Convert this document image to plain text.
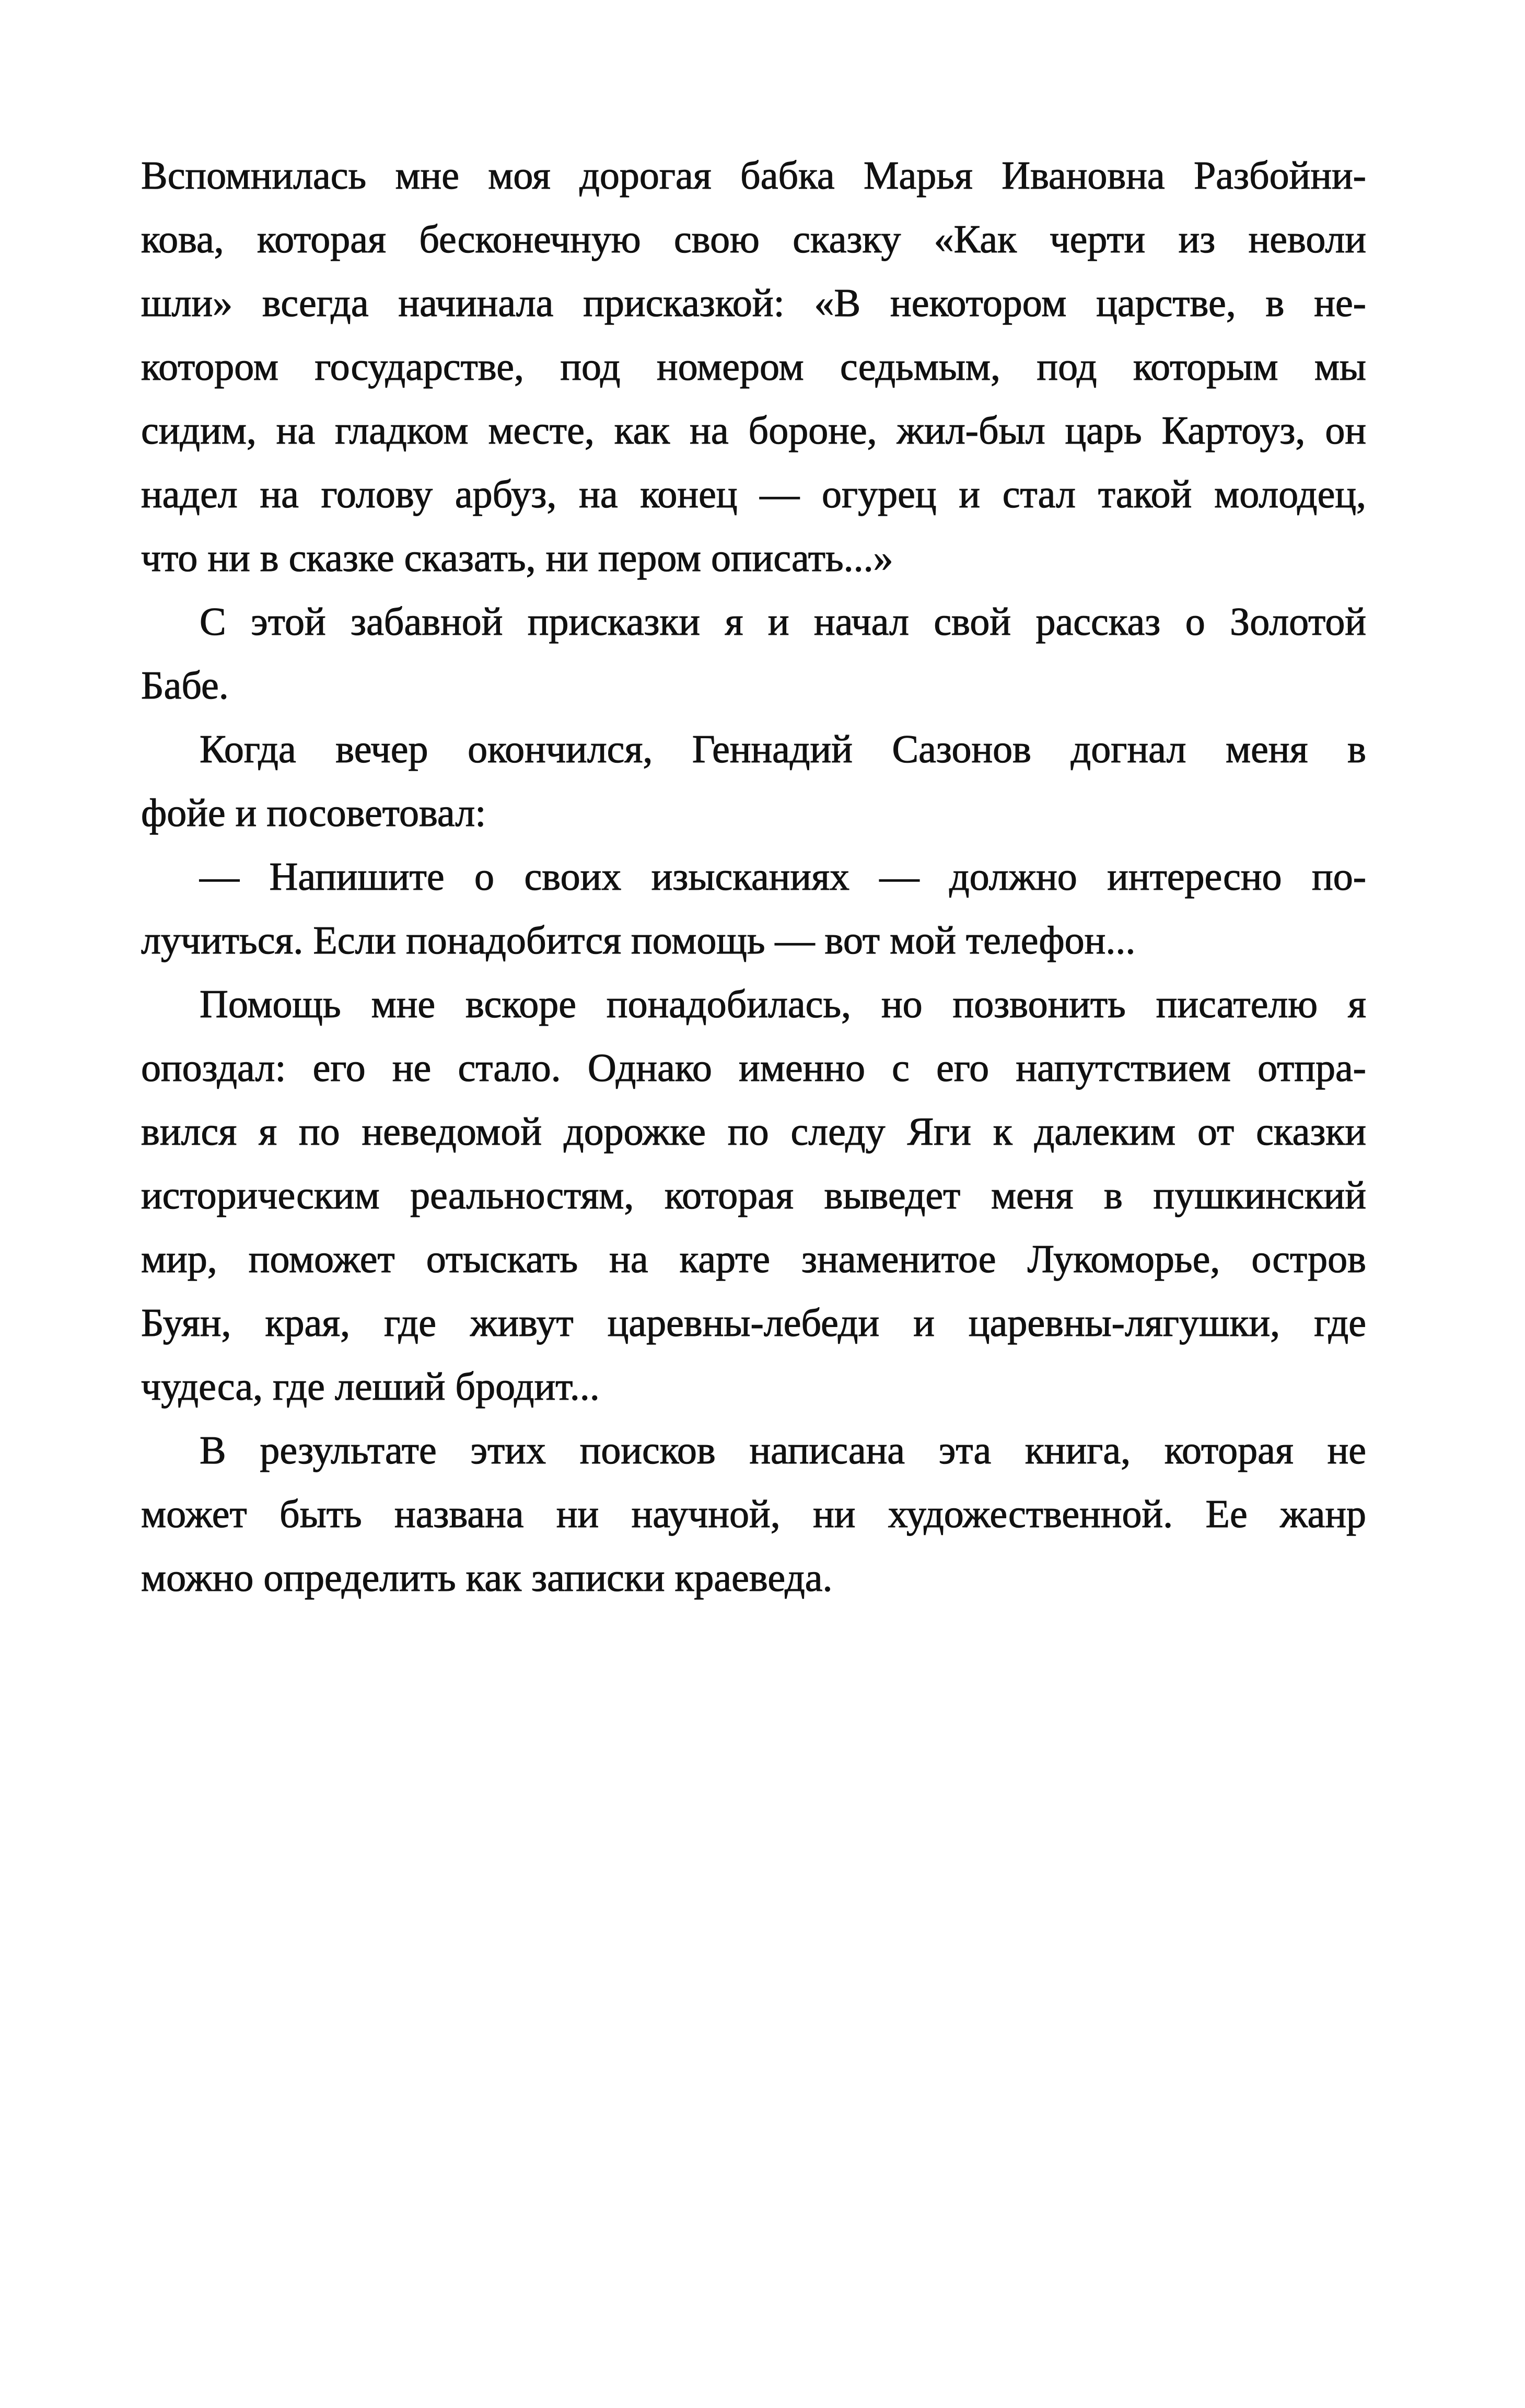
Вспомнилась мне моя дорогая бабка Марья Ивановна Разбойни-
кова, которая бесконечную свою сказку «Как черти из неволи
шли» всегда начинала присказкой: «В некотором царстве, в не-
котором государстве, под номером седьмым, под которым мы
сидим, на гладком месте, как на бороне, жил-был царь Картоуз, он
надел на голову арбуз, на конец — огурец и стал такой молодец,
что ни в сказке сказать, ни пером описать...»

С этой забавной присказки я и начал свой рассказ о Золотой
Бабе.

Когда вечер окончился, Геннадий Сазонов догнал меня в
фойе и посоветовал:

— Напишите о своих изысканиях — должно интересно по-
лучиться. Если понадобится помощь — вот мой телефон...

Помощь мне вскоре понадобилась, но позвонить писателю я
опоздал: его не стало. Однако именно с его напутствием отпра-
вился я по неведомой дорожке по следу Яги к далеким от сказки
историческим реальностям, которая выведет меня в пушкинский
мир, поможет отыскать на карте знаменитое Лукоморье, остров
Буян, края, где живут царевны-лебеди и царевны-лягушки, где
чудеса, где леший бродит...

В результате этих поисков написана эта книга, которая не
может быть названа ни научной, ни художественной. Ее жанр
можно определить как записки краеведа.
